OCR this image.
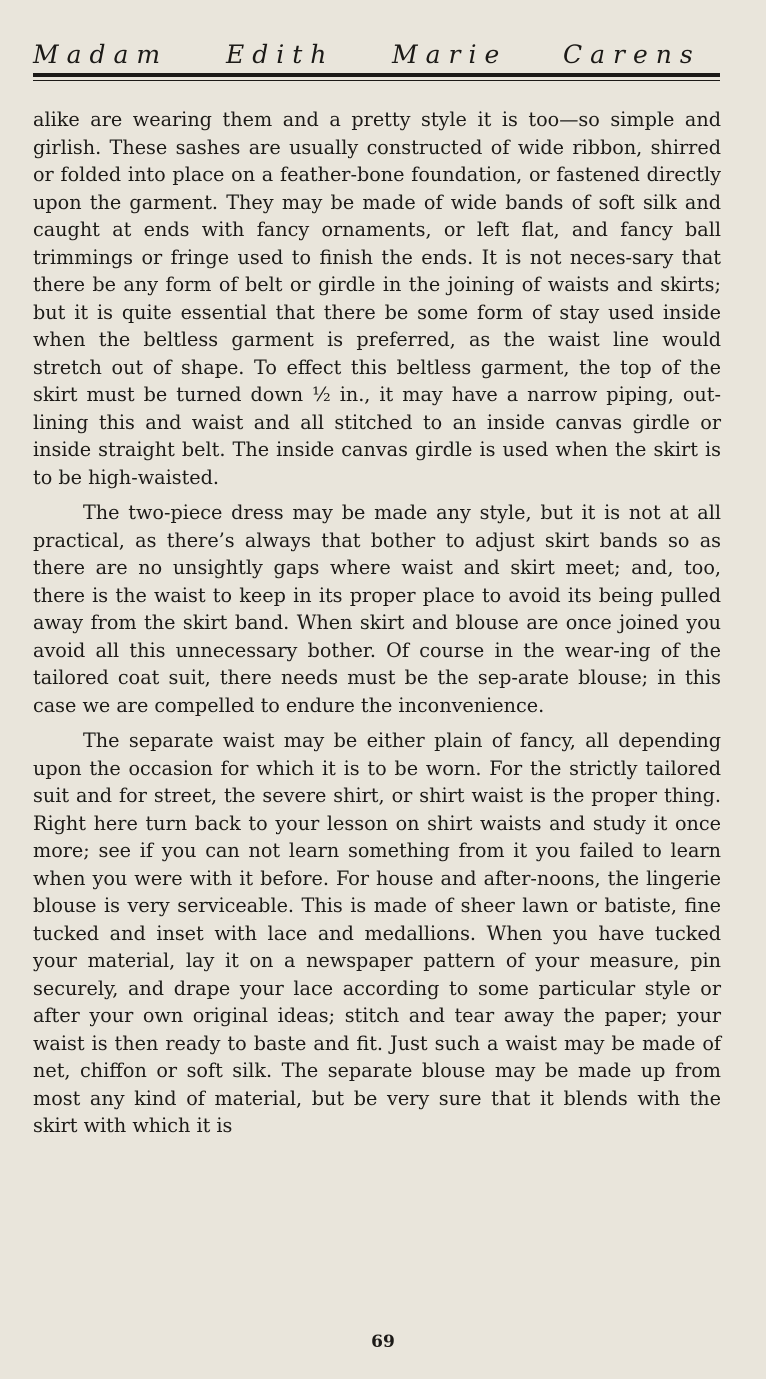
Madam Edith Marie Carens

alike are wearing them and a pretty style it is too—so simple and girlish. These sashes are usually constructed of wide ribbon, shirred or folded into place on a feather-bone foundation, or fastened directly upon the garment. They may be made of wide bands of soft silk and caught at ends with fancy ornaments, or left flat, and fancy ball trimmings or fringe used to finish the ends. It is not neces-sary that there be any form of belt or girdle in the joining of waists and skirts; but it is quite essential that there be some form of stay used inside when the beltless garment is preferred, as the waist line would stretch out of shape. To effect this beltless garment, the top of the skirt must be turned down ½ in., it may have a narrow piping, out-lining this and waist and all stitched to an inside canvas girdle or inside straight belt. The inside canvas girdle is used when the skirt is to be high-waisted.

The two-piece dress may be made any style, but it is not at all practical, as there’s always that bother to adjust skirt bands so as there are no unsightly gaps where waist and skirt meet; and, too, there is the waist to keep in its proper place to avoid its being pulled away from the skirt band. When skirt and blouse are once joined you avoid all this unnecessary bother. Of course in the wear-ing of the tailored coat suit, there needs must be the sep-arate blouse; in this case we are compelled to endure the inconvenience.

The separate waist may be either plain of fancy, all depending upon the occasion for which it is to be worn. For the strictly tailored suit and for street, the severe shirt, or shirt waist is the proper thing. Right here turn back to your lesson on shirt waists and study it once more; see if you can not learn something from it you failed to learn when you were with it before. For house and after-noons, the lingerie blouse is very serviceable. This is made of sheer lawn or batiste, fine tucked and inset with lace and medallions. When you have tucked your material, lay it on a newspaper pattern of your measure, pin securely, and drape your lace according to some particular style or after your own original ideas; stitch and tear away the paper; your waist is then ready to baste and fit. Just such a waist may be made of net, chiffon or soft silk. The separate blouse may be made up from most any kind of material, but be very sure that it blends with the skirt with which it is

69
